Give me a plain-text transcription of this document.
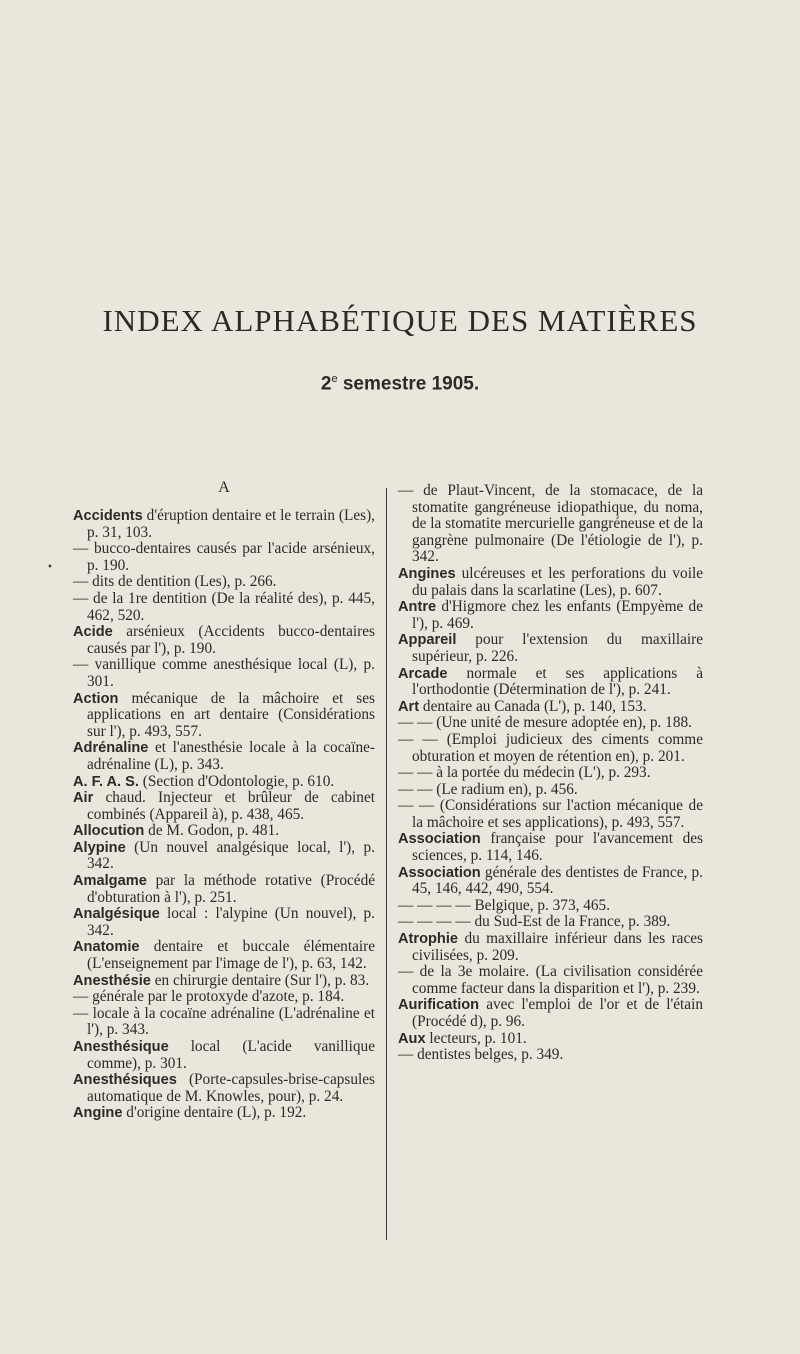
INDEX ALPHABÉTIQUE DES MATIÈRES
2e semestre 1905.
•
A

Accidents d'éruption dentaire et le terrain (Les), p. 31, 103.

— bucco-dentaires causés par l'acide arsénieux, p. 190.

— dits de dentition (Les), p. 266.

— de la 1re dentition (De la réalité des), p. 445, 462, 520.

Acide arsénieux (Accidents bucco-dentaires causés par l'), p. 190.

— vanillique comme anesthésique local (L), p. 301.

Action mécanique de la mâchoire et ses applications en art dentaire (Considérations sur l'), p. 493, 557.

Adrénaline et l'anesthésie locale à la cocaïne-adrénaline (L), p. 343.

A. F. A. S. (Section d'Odontologie, p. 610.

Air chaud. Injecteur et brûleur de cabinet combinés (Appareil à), p. 438, 465.

Allocution de M. Godon, p. 481.

Alypine (Un nouvel analgésique local, l'), p. 342.

Amalgame par la méthode rotative (Procédé d'obturation à l'), p. 251.

Analgésique local : l'alypine (Un nouvel), p. 342.

Anatomie dentaire et buccale élémentaire (L'enseignement par l'image de l'), p. 63, 142.

Anesthésie en chirurgie dentaire (Sur l'), p. 83.

— générale par le protoxyde d'azote, p. 184.

— locale à la cocaïne adrénaline (L'adrénaline et l'), p. 343.

Anesthésique local (L'acide vanillique comme), p. 301.

Anesthésiques (Porte-capsules-brise-capsules automatique de M. Knowles, pour), p. 24.

Angine d'origine dentaire (L), p. 192.

— de Plaut-Vincent, de la stomacace, de la stomatite gangréneuse idiopathique, du noma, de la stomatite mercurielle gangréneuse et de la gangrène pulmonaire (De l'étiologie de l'), p. 342.

Angines ulcéreuses et les perforations du voile du palais dans la scarlatine (Les), p. 607.

Antre d'Higmore chez les enfants (Empyème de l'), p. 469.

Appareil pour l'extension du maxillaire supérieur, p. 226.

Arcade normale et ses applications à l'orthodontie (Détermination de l'), p. 241.

Art dentaire au Canada (L'), p. 140, 153.

— — (Une unité de mesure adoptée en), p. 188.

— — (Emploi judicieux des ciments comme obturation et moyen de rétention en), p. 201.

— — à la portée du médecin (L'), p. 293.

— — (Le radium en), p. 456.

— — (Considérations sur l'action mécanique de la mâchoire et ses applications), p. 493, 557.

Association française pour l'avancement des sciences, p. 114, 146.

Association générale des dentistes de France, p. 45, 146, 442, 490, 554.

— — — — Belgique, p. 373, 465.

— — — — du Sud-Est de la France, p. 389.

Atrophie du maxillaire inférieur dans les races civilisées, p. 209.

— de la 3e molaire. (La civilisation considérée comme facteur dans la disparition et l'), p. 239.

Aurification avec l'emploi de l'or et de l'étain (Procédé d), p. 96.

Aux lecteurs, p. 101.

— dentistes belges, p. 349.
